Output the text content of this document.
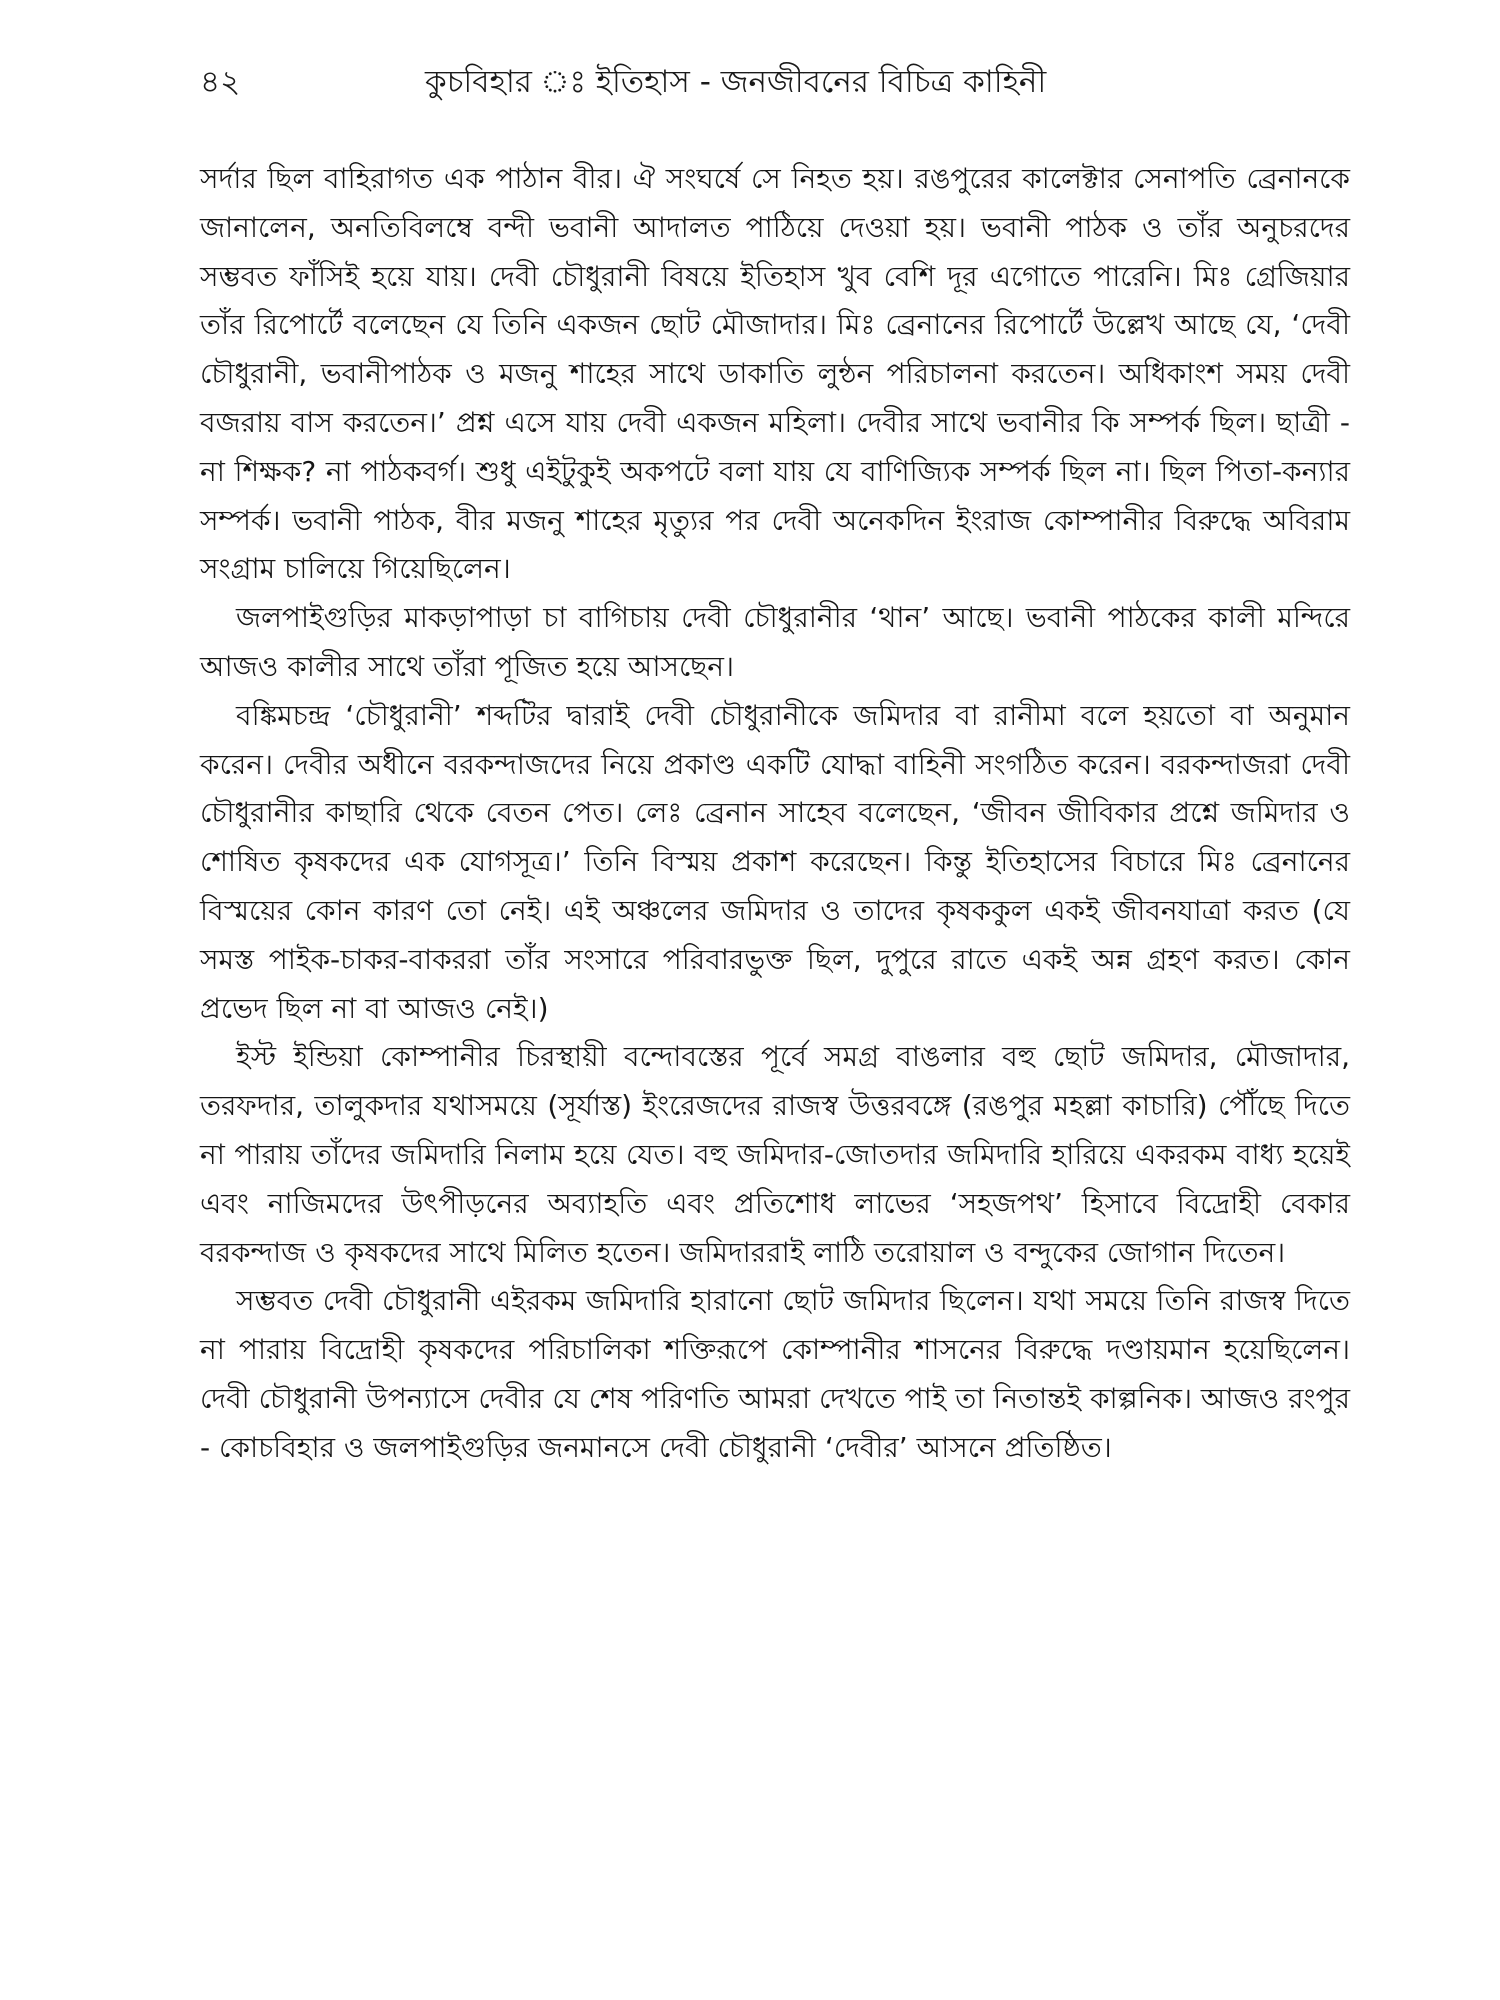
৪২	কুচবিহার ঃ ইতিহাস - জনজীবনের বিচিত্র কাহিনী

সর্দার ছিল বাহিরাগত এক পাঠান বীর। ঐ সংঘর্ষে সে নিহত হয়। রঙপুরের কালেক্টার সেনাপতি ব্রেনানকে জানালেন, অনতিবিলম্বে বন্দী ভবানী আদালত পাঠিয়ে দেওয়া হয়। ভবানী পাঠক ও তাঁর অনুচরদের সম্ভবত ফাঁসিই হয়ে যায়। দেবী চৌধুরানী বিষয়ে ইতিহাস খুব বেশি দূর এগোতে পারেনি। মিঃ গ্রেজিয়ার তাঁর রিপোর্টে বলেছেন যে তিনি একজন ছোট মৌজাদার। মিঃ ব্রেনানের রিপোর্টে উল্লেখ আছে যে, ‘দেবী চৌধুরানী, ভবানীপাঠক ও মজনু শাহের সাথে ডাকাতি লুন্ঠন পরিচালনা করতেন। অধিকাংশ সময় দেবী বজরায় বাস করতেন।’ প্রশ্ন এসে যায় দেবী একজন মহিলা। দেবীর সাথে ভবানীর কি সম্পর্ক ছিল। ছাত্রী - না শিক্ষক? না পাঠকবর্গ। শুধু এইটুকুই অকপটে বলা যায় যে বাণিজ্যিক সম্পর্ক ছিল না। ছিল পিতা-কন্যার সম্পর্ক। ভবানী পাঠক, বীর মজনু শাহের মৃত্যুর পর দেবী অনেকদিন ইংরাজ কোম্পানীর বিরুদ্ধে অবিরাম সংগ্রাম চালিয়ে গিয়েছিলেন।

জলপাইগুড়ির মাকড়াপাড়া চা বাগিচায় দেবী চৌধুরানীর ‘থান’ আছে। ভবানী পাঠকের কালী মন্দিরে আজও কালীর সাথে তাঁরা পূজিত হয়ে আসছেন।

বঙ্কিমচন্দ্র ‘চৌধুরানী’ শব্দটির দ্বারাই দেবী চৌধুরানীকে জমিদার বা রানীমা বলে হয়তো বা অনুমান করেন। দেবীর অধীনে বরকন্দাজদের নিয়ে প্রকাণ্ড একটি যোদ্ধা বাহিনী সংগঠিত করেন। বরকন্দাজরা দেবী চৌধুরানীর কাছারি থেকে বেতন পেত। লেঃ ব্রেনান সাহেব বলেছেন, ‘জীবন জীবিকার প্রশ্নে জমিদার ও শোষিত কৃষকদের এক যোগসূত্র।’ তিনি বিস্ময় প্রকাশ করেছেন। কিন্তু ইতিহাসের বিচারে মিঃ ব্রেনানের বিস্ময়ের কোন কারণ তো নেই। এই অঞ্চলের জমিদার ও তাদের কৃষককুল একই জীবনযাত্রা করত (যে সমস্ত পাইক-চাকর-বাকররা তাঁর সংসারে পরিবারভুক্ত ছিল, দুপুরে রাতে একই অন্ন গ্রহণ করত। কোন প্রভেদ ছিল না বা আজও নেই।)

ইস্ট ইন্ডিয়া কোম্পানীর চিরস্থায়ী বন্দোবস্তের পূর্বে সমগ্র বাঙলার বহু ছোট জমিদার, মৌজাদার, তরফদার, তালুকদার যথাসময়ে (সূর্যাস্ত) ইংরেজদের রাজস্ব উত্তরবঙ্গে (রঙপুর মহল্লা কাচারি) পৌঁছে দিতে না পারায় তাঁদের জমিদারি নিলাম হয়ে যেত। বহু জমিদার-জোতদার জমিদারি হারিয়ে একরকম বাধ্য হয়েই এবং নাজিমদের উৎপীড়নের অব্যাহতি এবং প্রতিশোধ লাভের ‘সহজপথ’ হিসাবে বিদ্রোহী বেকার বরকন্দাজ ও কৃষকদের সাথে মিলিত হতেন। জমিদাররাই লাঠি তরোয়াল ও বন্দুকের জোগান দিতেন।

সম্ভবত দেবী চৌধুরানী এইরকম জমিদারি হারানো ছোট জমিদার ছিলেন। যথা সময়ে তিনি রাজস্ব দিতে না পারায় বিদ্রোহী কৃষকদের পরিচালিকা শক্তিরূপে কোম্পানীর শাসনের বিরুদ্ধে দণ্ডায়মান হয়েছিলেন। দেবী চৌধুরানী উপন্যাসে দেবীর যে শেষ পরিণতি আমরা দেখতে পাই তা নিতান্তই কাল্পনিক। আজও রংপুর - কোচবিহার ও জলপাইগুড়ির জনমানসে দেবী চৌধুরানী ‘দেবীর’ আসনে প্রতিষ্ঠিত।
